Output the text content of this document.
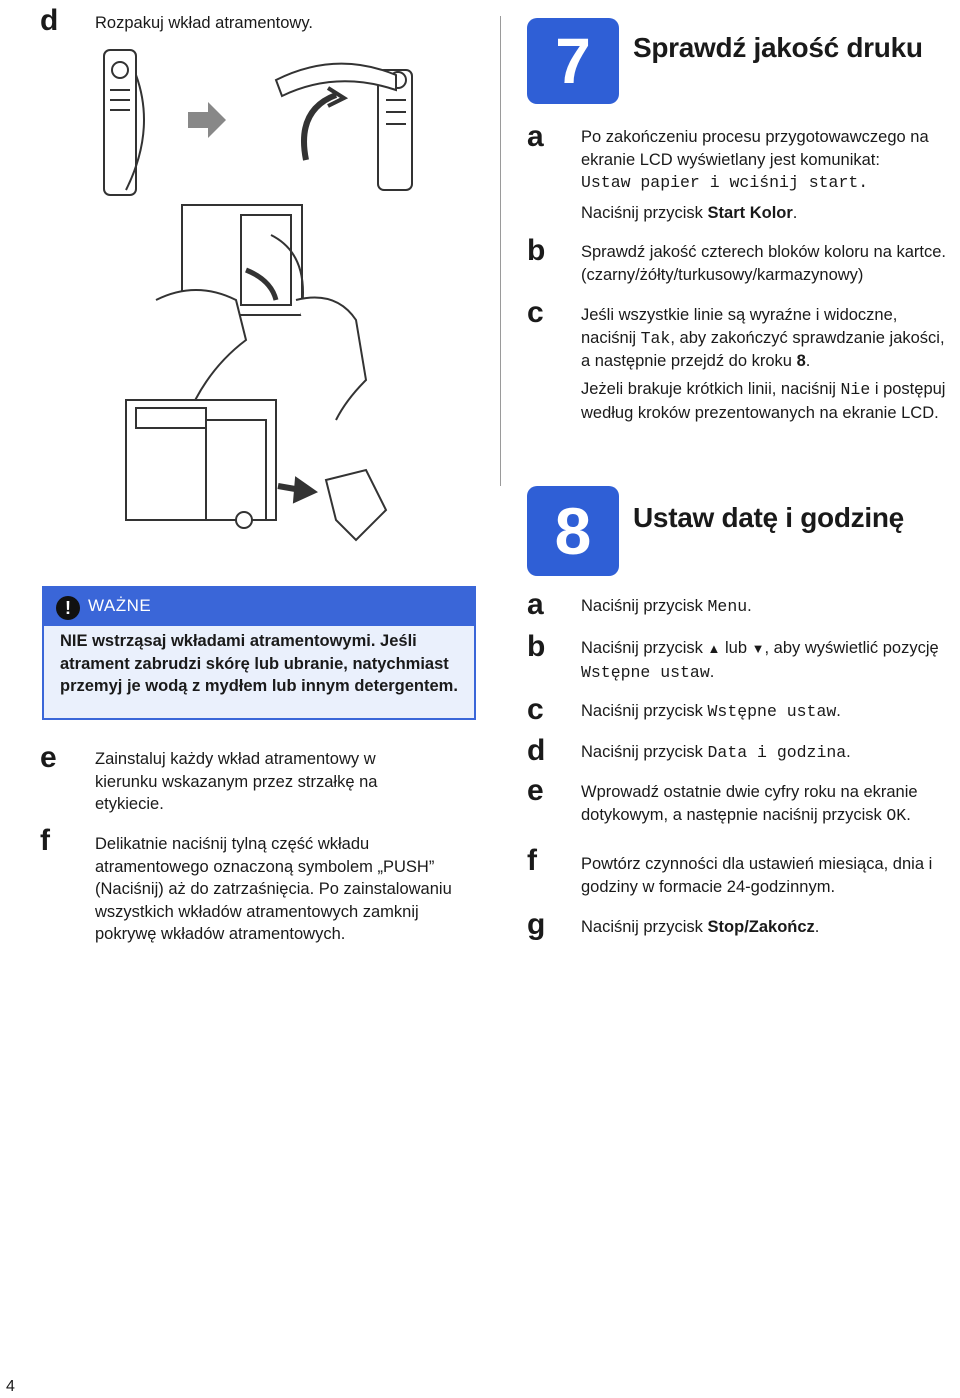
d Rozpakuj wkład atramentowy.
!	WAŻNE
NIE wstrząsaj wkładami atramentowymi. Jeśli atrament zabrudzi skórę lub ubranie, natychmiast przemyj je wodą z mydłem lub innym detergentem.
e Zainstaluj każdy wkład atramentowy w kierunku wskazanym przez strzałkę na etykiecie.
f	Delikatnie naciśnij tylną część wkładu atramentowego oznaczoną symbolem „PUSH” (Naciśnij) aż do zatrzaśnięcia. Po zainstalowaniu wszystkich wkładów atramentowych zamknij pokrywę wkładów atramentowych.
7	Sprawdź jakość druku
a Po zakończeniu procesu przygotowawczego na ekranie LCD wyświetlany jest komunikat:
Ustaw papier i wciśnij start.
Naciśnij przycisk Start Kolor.
b Sprawdź jakość czterech bloków koloru na kartce. (czarny/żółty/turkusowy/karmazynowy)
c Jeśli wszystkie linie są wyraźne i widoczne, naciśnij Tak, aby zakończyć sprawdzanie jakości, a następnie przejdź do kroku 8.
Jeżeli brakuje krótkich linii, naciśnij Nie i postępuj według kroków prezentowanych na ekranie LCD.
8	Ustaw datę i godzinę
a Naciśnij przycisk Menu.
b Naciśnij przycisk ▲ lub ▼, aby wyświetlić pozycję Wstępne ustaw.
c Naciśnij przycisk Wstępne ustaw.
d Naciśnij przycisk Data i godzina.
e Wprowadź ostatnie dwie cyfry roku na ekranie dotykowym, a następnie naciśnij przycisk OK.
f	Powtórz czynności dla ustawień miesiąca, dnia i godziny w formacie 24-godzinnym.
g Naciśnij przycisk Stop/Zakończ.
4
